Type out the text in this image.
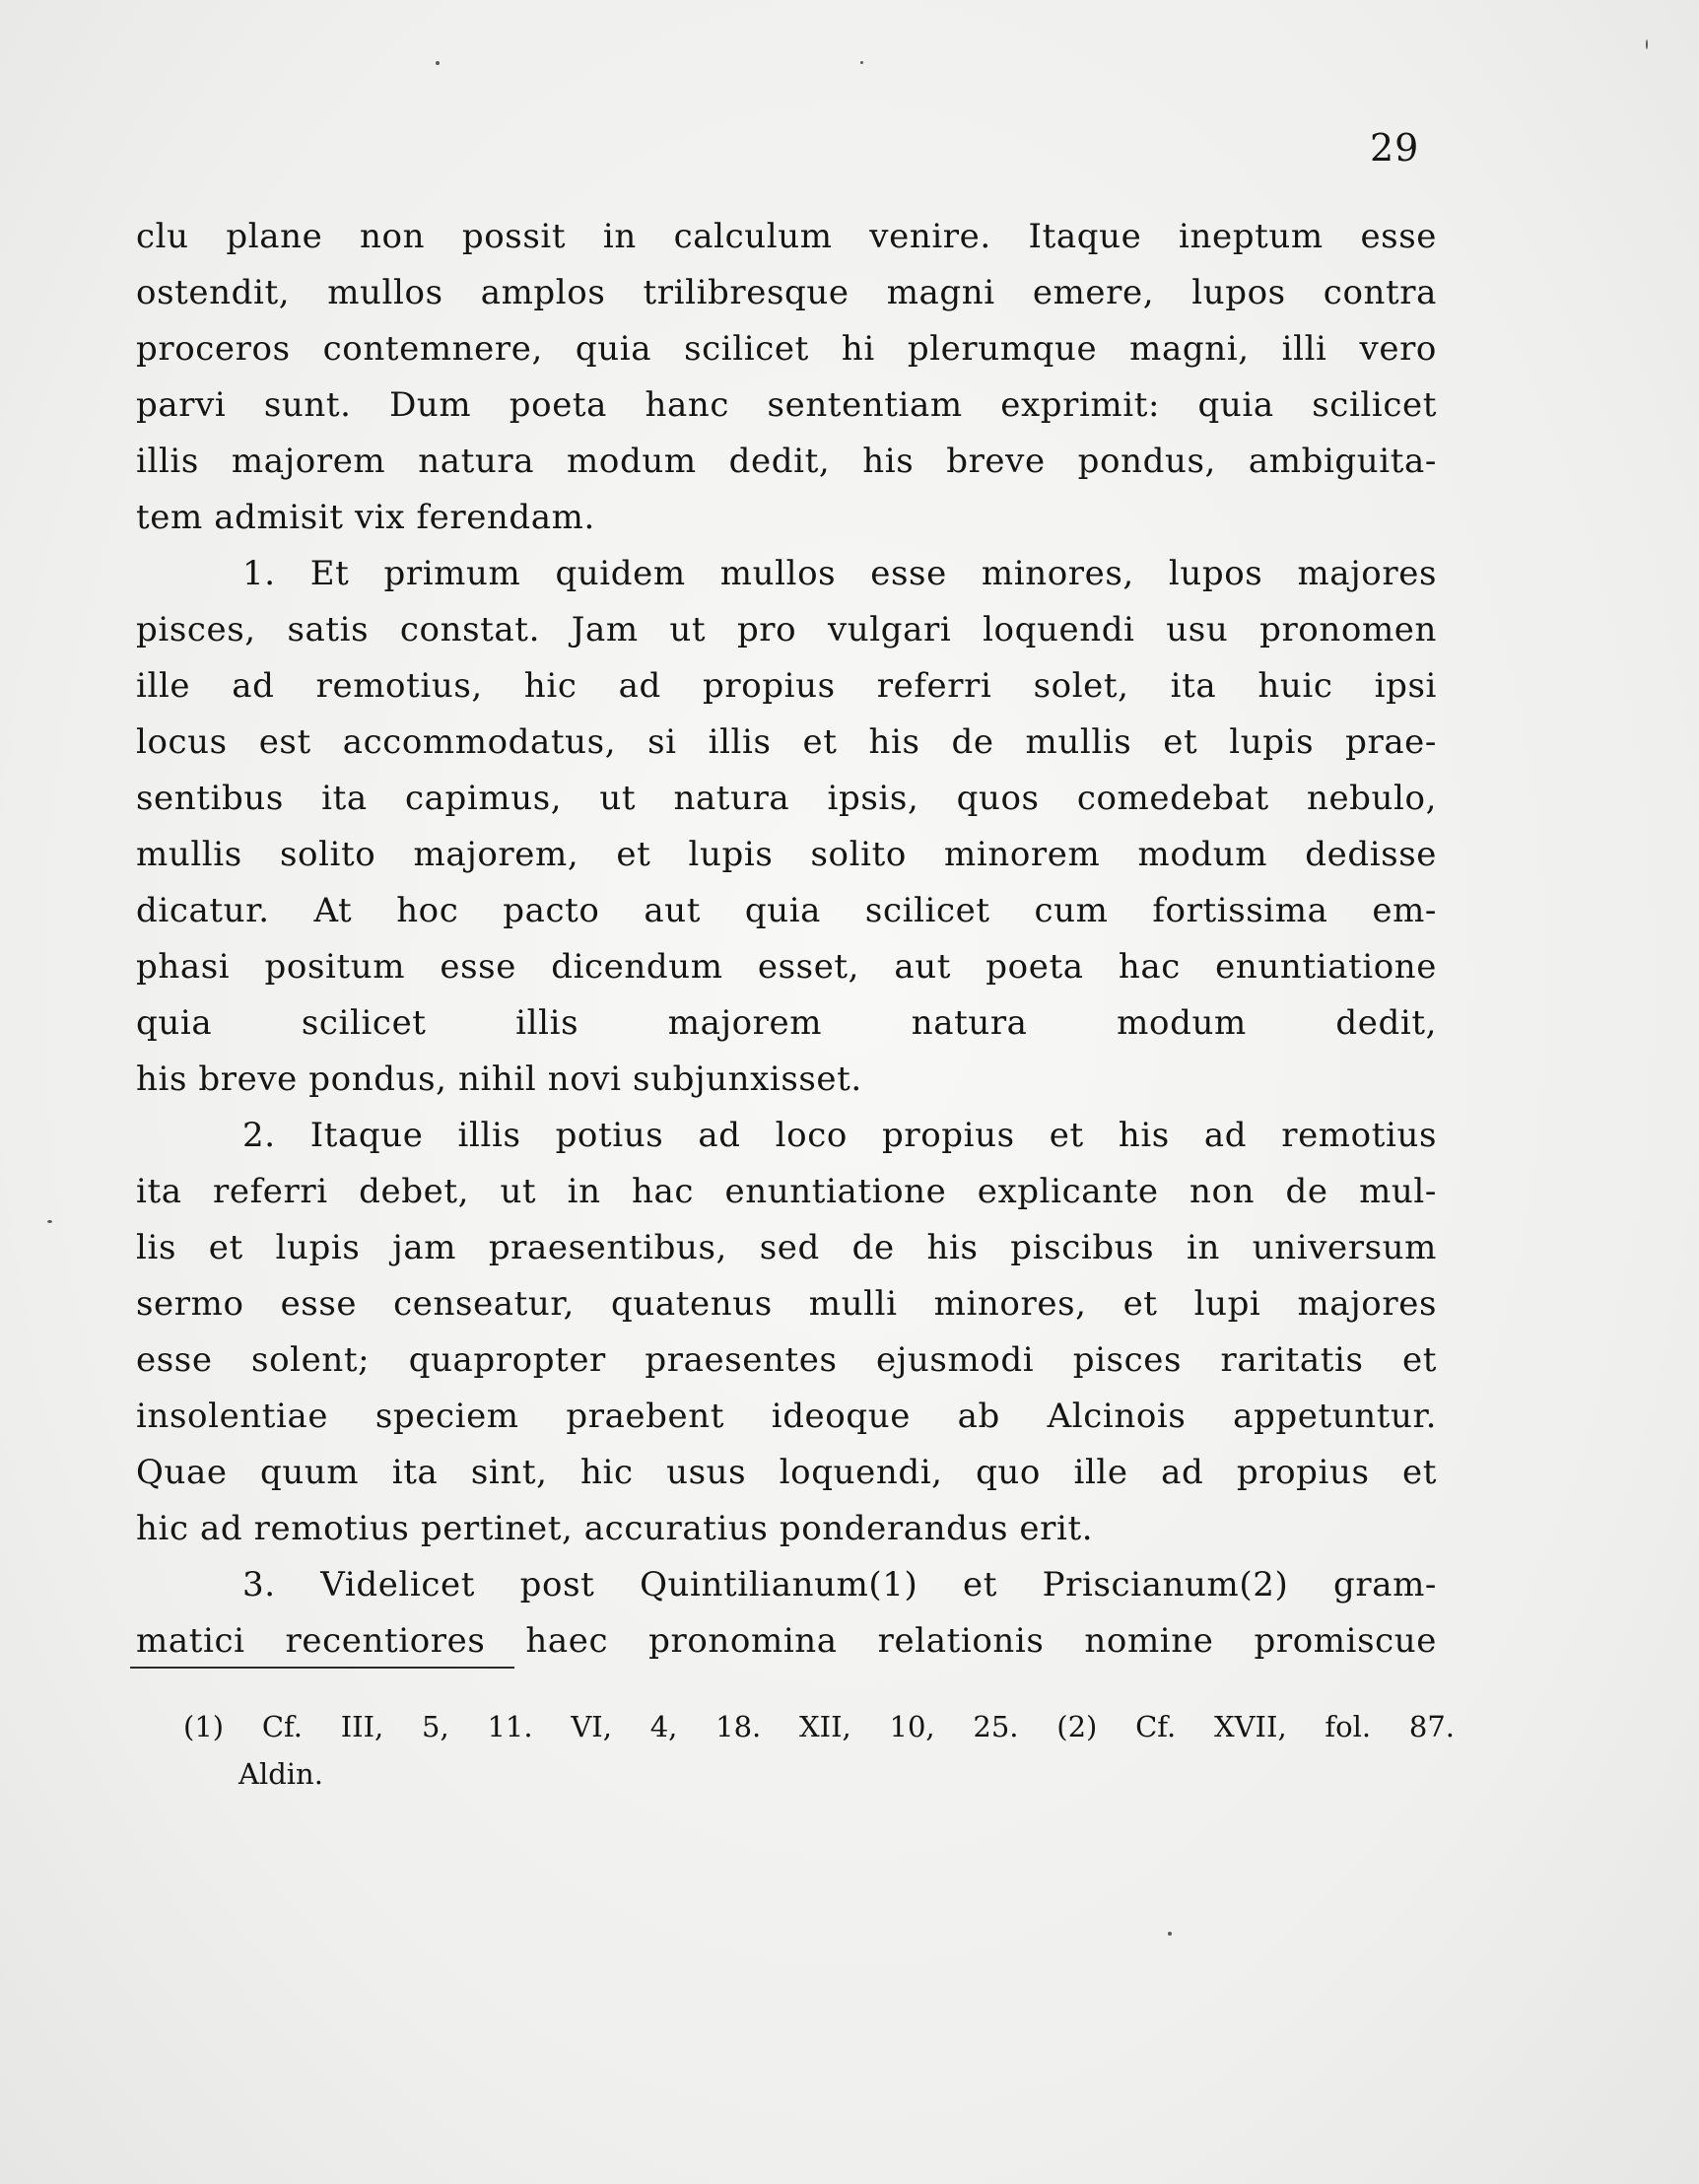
29
clu plane non possit in calculum venire. Itaque ineptum esse
ostendit, mullos amplos trilibresque magni emere, lupos contra
proceros contemnere, quia scilicet hi plerumque magni, illi vero
parvi sunt. Dum poeta hanc sententiam exprimit: quia scilicet
illis majorem natura modum dedit, his breve pondus, ambiguita-
tem admisit vix ferendam.
1. Et primum quidem mullos esse minores, lupos majores
pisces, satis constat. Jam ut pro vulgari loquendi usu pronomen
ille ad remotius, hic ad propius referri solet, ita huic ipsi
locus est accommodatus, si illis et his de mullis et lupis prae-
sentibus ita capimus, ut natura ipsis, quos comedebat nebulo,
mullis solito majorem, et lupis solito minorem modum dedisse
dicatur. At hoc pacto aut quia scilicet cum fortissima em-
phasi positum esse dicendum esset, aut poeta hac enuntiatione
quia scilicet illis majorem natura modum dedit,
his breve pondus, nihil novi subjunxisset.
2. Itaque illis potius ad loco propius et his ad remotius
ita referri debet, ut in hac enuntiatione explicante non de mul-
lis et lupis jam praesentibus, sed de his piscibus in universum
sermo esse censeatur, quatenus mulli minores, et lupi majores
esse solent; quapropter praesentes ejusmodi pisces raritatis et
insolentiae speciem praebent ideoque ab Alcinois appetuntur.
Quae quum ita sint, hic usus loquendi, quo ille ad propius et
hic ad remotius pertinet, accuratius ponderandus erit.
3. Videlicet post Quintilianum(1) et Priscianum(2) gram-
matici recentiores haec pronomina relationis nomine promiscue
(1) Cf. III, 5, 11. VI, 4, 18. XII, 10, 25. (2) Cf. XVII, fol. 87.
Aldin.
